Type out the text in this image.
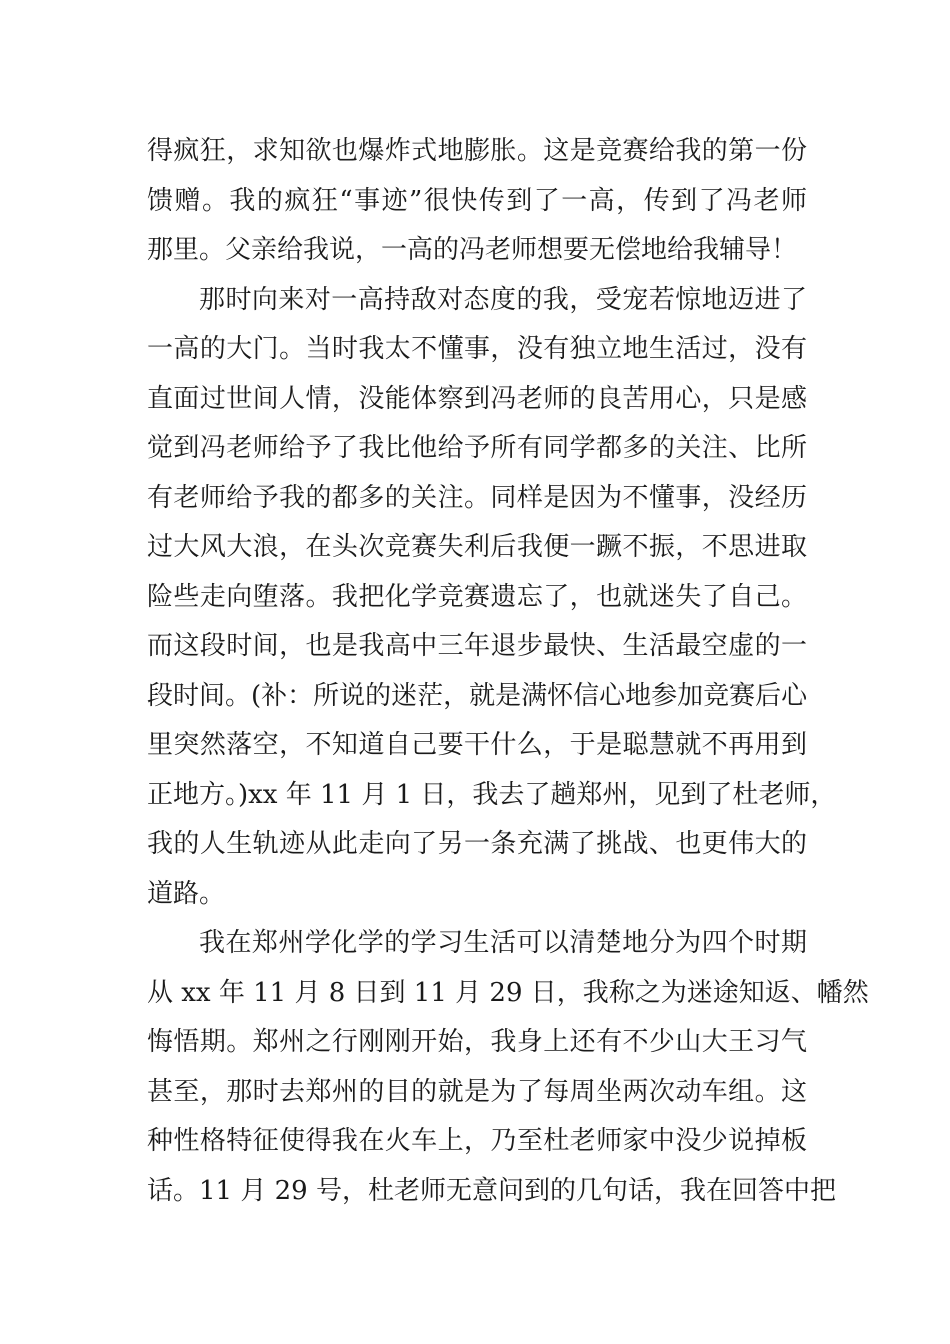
得疯狂，求知欲也爆炸式地膨胀。这是竞赛给我的第一份
馈赠。我的疯狂“事迹”很快传到了一高，传到了冯老师
那里。父亲给我说，一高的冯老师想要无偿地给我辅导！
那时向来对一高持敌对态度的我，受宠若惊地迈进了
一高的大门。当时我太不懂事，没有独立地生活过，没有
直面过世间人情，没能体察到冯老师的良苦用心，只是感
觉到冯老师给予了我比他给予所有同学都多的关注、比所
有老师给予我的都多的关注。同样是因为不懂事，没经历
过大风大浪，在头次竞赛失利后我便一蹶不振，不思进取
险些走向堕落。我把化学竞赛遗忘了，也就迷失了自己。
而这段时间，也是我高中三年退步最快、生活最空虚的一
段时间。(补：所说的迷茫，就是满怀信心地参加竞赛后心
里突然落空，不知道自己要干什么，于是聪慧就不再用到
正地方。)xx 年 11 月 1 日，我去了趟郑州，见到了杜老师，
我的人生轨迹从此走向了另一条充满了挑战、也更伟大的
道路。
我在郑州学化学的学习生活可以清楚地分为四个时期
从 xx 年 11 月 8 日到 11 月 29 日，我称之为迷途知返、幡然
悔悟期。郑州之行刚刚开始，我身上还有不少山大王习气
甚至，那时去郑州的目的就是为了每周坐两次动车组。这
种性格特征使得我在火车上，乃至杜老师家中没少说掉板
话。11 月 29 号，杜老师无意问到的几句话，我在回答中把
